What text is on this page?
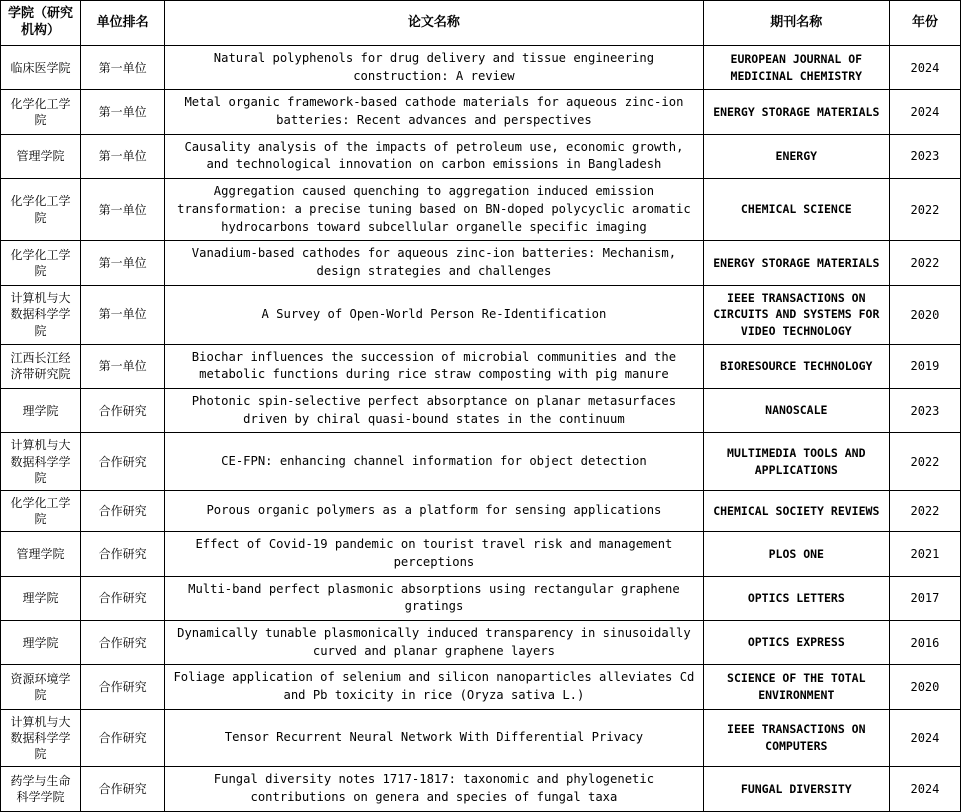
学院（研究机构）	单位排名	论文名称	期刊名称	年份
临床医学院	第一单位	Natural polyphenols for drug delivery and tissue engineering construction: A review	EUROPEAN JOURNAL OF MEDICINAL CHEMISTRY	2024
化学化工学院	第一单位	Metal organic framework-based cathode materials for aqueous zinc-ion batteries: Recent advances and perspectives	ENERGY STORAGE MATERIALS	2024
管理学院	第一单位	Causality analysis of the impacts of petroleum use, economic growth, and technological innovation on carbon emissions in Bangladesh	ENERGY	2023
化学化工学院	第一单位	Aggregation caused quenching to aggregation induced emission transformation: a precise tuning based on BN-doped polycyclic aromatic hydrocarbons toward subcellular organelle specific imaging	CHEMICAL SCIENCE	2022
化学化工学院	第一单位	Vanadium-based cathodes for aqueous zinc-ion batteries: Mechanism, design strategies and challenges	ENERGY STORAGE MATERIALS	2022
计算机与大数据科学学院	第一单位	A Survey of Open-World Person Re-Identification	IEEE TRANSACTIONS ON CIRCUITS AND SYSTEMS FOR VIDEO TECHNOLOGY	2020
江西长江经济带研究院	第一单位	Biochar influences the succession of microbial communities and the metabolic functions during rice straw composting with pig manure	BIORESOURCE TECHNOLOGY	2019
理学院	合作研究	Photonic spin-selective perfect absorptance on planar metasurfaces driven by chiral quasi-bound states in the continuum	NANOSCALE	2023
计算机与大数据科学学院	合作研究	CE-FPN: enhancing channel information for object detection	MULTIMEDIA TOOLS AND APPLICATIONS	2022
化学化工学院	合作研究	Porous organic polymers as a platform for sensing applications	CHEMICAL SOCIETY REVIEWS	2022
管理学院	合作研究	Effect of Covid-19 pandemic on tourist travel risk and management perceptions	PLOS ONE	2021
理学院	合作研究	Multi-band perfect plasmonic absorptions using rectangular graphene gratings	OPTICS LETTERS	2017
理学院	合作研究	Dynamically tunable plasmonically induced transparency in sinusoidally curved and planar graphene layers	OPTICS EXPRESS	2016
资源环境学院	合作研究	Foliage application of selenium and silicon nanoparticles alleviates Cd and Pb toxicity in rice (Oryza sativa L.)	SCIENCE OF THE TOTAL ENVIRONMENT	2020
计算机与大数据科学学院	合作研究	Tensor Recurrent Neural Network With Differential Privacy	IEEE TRANSACTIONS ON COMPUTERS	2024
药学与生命科学学院	合作研究	Fungal diversity notes 1717-1817: taxonomic and phylogenetic contributions on genera and species of fungal taxa	FUNGAL DIVERSITY	2024
